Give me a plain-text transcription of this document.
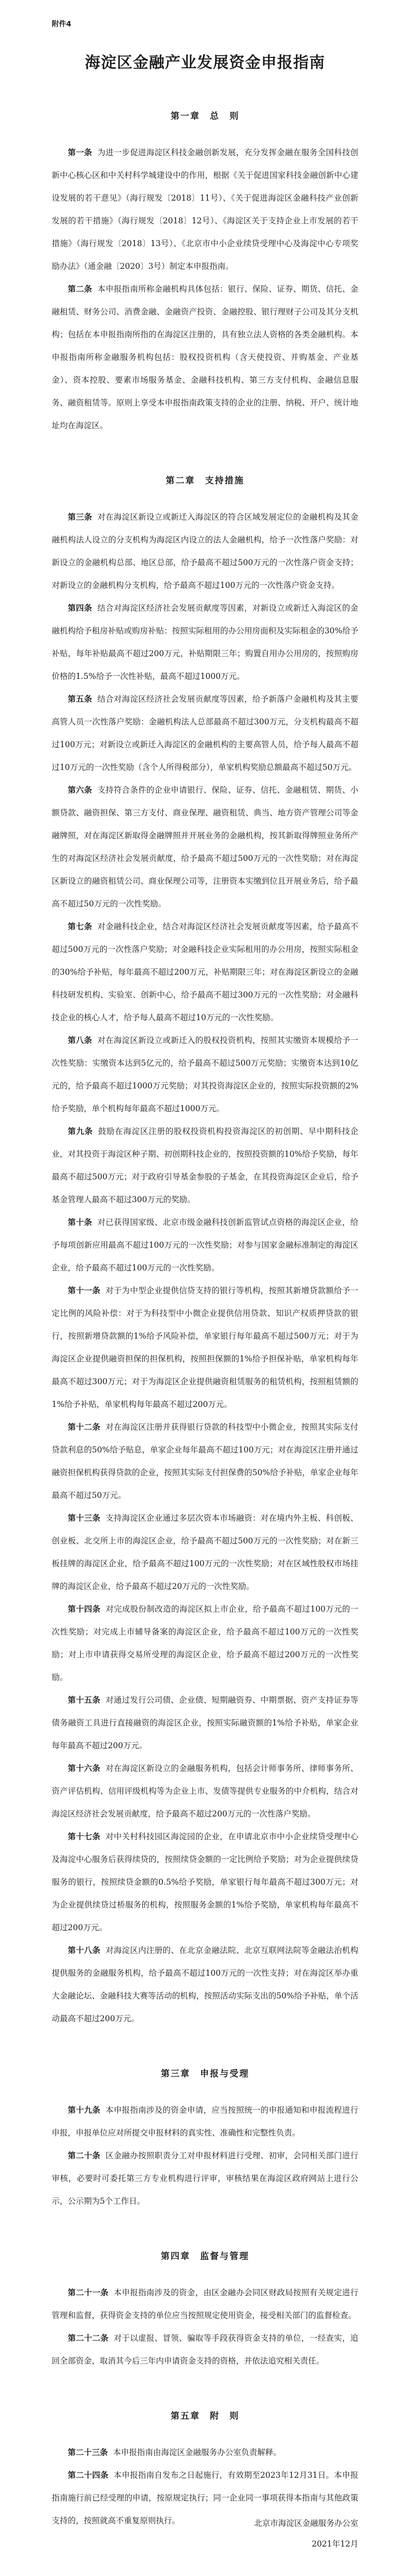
附件4
海淀区金融产业发展资金申报指南
第一章　总　则

第一条 为进一步促进海淀区科技金融创新发展，充分发挥金融在服务全国科技创新中心核心区和中关村科学城建设中的作用，根据《关于促进国家科技金融创新中心建设发展的若干意见》（海行规发〔2018〕11号）、《关于促进海淀区金融科技产业创新发展的若干措施》（海行规发〔2018〕12号）、《海淀区关于支持企业上市发展的若干措施》（海行规发〔2018〕13号）、《北京市中小企业续贷受理中心及海淀中心专项奖励办法》（通金融〔2020〕3号）制定本申报指南。

第二条 本申报指南所称金融机构具体包括：银行、保险、证券、期货、信托、金融租赁、财务公司、消费金融、金融资产投资、金融控股、银行理财子公司及其分支机构；包括在本申报指南所指的在海淀区注册的，具有独立法人资格的各类金融机构。本申报指南所称金融服务机构包括：股权投资机构（含天使投资、并购基金、产业基金）、资本控股、要素市场服务基金、金融科技机构、第三方支付机构、金融信息服务、融资租赁等。原则上享受本申报指南政策支持的企业的注册、纳税、开户、统计地址均在海淀区。

第二章　支持措施

第三条 对在海淀区新设立或新迁入海淀区的符合区域发展定位的金融机构及其金融机构法人设立的分支机构为海淀区内设立的法人金融机构，给予一次性落户奖励：对新设立的金融机构总部、地区总部，给予最高不超过500万元的一次性落户资金支持；对新设立的金融机构分支机构，给予最高不超过100万元的一次性落户资金支持。

第四条 结合对海淀区经济社会发展贡献度等因素，对新设立或新迁入海淀区的金融机构给予租房补贴或购房补贴：按照实际租用的办公用房面积及实际租金的30%给予补贴，每年补贴最高不超过200万元，补贴期限三年；购置自用办公用房的，按照购房价格的1.5%给予一次性补贴，最高不超过1000万元。

第五条 结合对海淀区经济社会发展贡献度等因素，给予新落户金融机构及其主要高管人员一次性落户奖励：金融机构法人总部最高不超过300万元，分支机构最高不超过100万元；对新设立或新迁入海淀区的金融机构的主要高管人员，给予每人最高不超过10万元的一次性奖励（含个人所得税部分），单家机构奖励总额最高不超过50万元。

第六条 支持符合条件的企业申请银行、保险、证券、信托、金融租赁、期货、小额贷款、融资担保、第三方支付、商业保理、融资租赁、典当、地方资产管理公司等金融牌照，对在海淀区新取得金融牌照并开展业务的金融机构，按其新取得牌照业务所产生的对海淀区经济社会发展贡献度，给予最高不超过500万元的一次性奖励；对在海淀区新设立的融资租赁公司、商业保理公司等，注册资本实缴到位且开展业务后，给予最高不超过50万元的一次性奖励。

第七条 对金融科技企业，结合对海淀区经济社会发展贡献度等因素，给予最高不超过500万元的一次性落户奖励；对金融科技企业实际租用的办公用房，按照实际租金的30%给予补贴，每年最高不超过200万元，补贴期限三年；对在海淀区新设立的金融科技研发机构、实验室、创新中心，给予最高不超过300万元的一次性奖励；对金融科技企业的核心人才，给予每人最高不超过10万元的一次性奖励。

第八条 对在海淀区新设立或新迁入的股权投资机构，按照其实缴资本规模给予一次性奖励：实缴资本达到5亿元的，给予最高不超过500万元奖励；实缴资本达到10亿元的，给予最高不超过1000万元奖励；对其投资海淀区企业的，按照实际投资额的2%给予奖励，单个机构每年最高不超过1000万元。

第九条 鼓励在海淀区注册的股权投资机构投资海淀区的初创期、早中期科技企业，对其投资于海淀区种子期、初创期科技企业的，按照投资额的10%给予奖励，每年最高不超过500万元；对于政府引导基金参股的子基金，在其投资海淀区企业后，给予基金管理人最高不超过300万元的奖励。

第十条 对已获得国家级、北京市级金融科技创新监管试点资格的海淀区企业，给予每项创新应用最高不超过100万元的一次性奖励；对参与国家金融标准制定的海淀区企业，给予最高不超过100万元的一次性奖励。

第十一条 对于为中型企业提供信贷支持的银行等机构，按照其新增贷款额给予一定比例的风险补偿：对于为科技型中小微企业提供信用贷款、知识产权质押贷款的银行，按照新增贷款额的1%给予风险补偿，单家银行每年最高不超过500万元；对于为海淀区企业提供融资担保的担保机构，按照担保额的1%给予担保补贴，单家机构每年最高不超过300万元；对于为海淀区企业提供融资租赁服务的租赁机构，按照租赁额的1%给予补贴，单家机构每年最高不超过200万元。

第十二条 对在海淀区注册并获得银行贷款的科技型中小微企业，按照其实际支付贷款利息的50%给予贴息，单家企业每年最高不超过100万元；对在海淀区注册并通过融资担保机构获得贷款的企业，按照其实际支付担保费的50%给予补贴，单家企业每年最高不超过50万元。

第十三条 支持海淀区企业通过多层次资本市场融资：对在境内外主板、科创板、创业板、北交所上市的海淀区企业，给予最高不超过500万元的一次性奖励；对在新三板挂牌的海淀区企业，给予最高不超过100万元的一次性奖励；对在区域性股权市场挂牌的海淀区企业，给予最高不超过20万元的一次性奖励。

第十四条 对完成股份制改造的海淀区拟上市企业，给予最高不超过100万元的一次性奖励；对完成上市辅导备案的海淀区企业，给予最高不超过100万元的一次性奖励；对上市申请获得交易所受理的海淀区企业，给予最高不超过200万元的一次性奖励。

第十五条 对通过发行公司债、企业债、短期融资券、中期票据、资产支持证券等债务融资工具进行直接融资的海淀区企业，按照实际融资额的1%给予补贴，单家企业每年最高不超过200万元。

第十六条 对在海淀区新设立的金融服务机构，包括会计师事务所、律师事务所、资产评估机构、信用评级机构等为企业上市、发债等提供专业服务的中介机构，结合对海淀区经济社会发展贡献度，给予最高不超过200万元的一次性落户奖励。

第十七条 对中关村科技园区海淀园的企业，在申请北京市中小企业续贷受理中心及海淀中心服务后获得续贷的，按照续贷金额的一定比例给予奖励；对为企业提供续贷服务的银行，按照续贷金额的0.5%给予奖励，单家银行每年最高不超过300万元；对为企业提供续贷过桥服务的机构，按照服务金额的1%给予奖励，单家机构每年最高不超过200万元。

第十八条 对海淀区内注册的、在北京金融法院、北京互联网法院等金融法治机构提供服务的金融服务机构，给予最高不超过100万元的一次性支持；对在海淀区举办重大金融论坛、金融科技大赛等活动的机构，按照活动实际支出的50%给予补贴，单个活动最高不超过200万元。

第三章　申报与受理

第十九条 本申报指南涉及的资金申请，应当按照统一的申报通知和申报流程进行申报，申报单位应对所提交申报材料的真实性、准确性和完整性负责。

第二十条 区金融办按照职责分工对申报材料进行受理、初审，会同相关部门进行审核，必要时可委托第三方专业机构进行评审，审核结果在海淀区政府网站上进行公示，公示期为5个工作日。

第四章　监督与管理

第二十一条 本申报指南涉及的资金，由区金融办会同区财政局按照有关规定进行管理和监督，获得资金支持的单位应当按照规定使用资金，接受相关部门的监督检查。

第二十二条 对于以虚报、冒领、骗取等手段获得资金支持的单位，一经查实，追回全部资金，取消其今后三年内申请资金支持的资格，并依法追究相关责任。

第五章　附　则

第二十三条 本申报指南由海淀区金融服务办公室负责解释。

第二十四条 本申报指南自发布之日起施行，有效期至2023年12月31日。本申报指南施行前已经受理的申请，按原规定执行；同一企业同一事项获得本指南与其他政策支持的，按照就高不重复原则执行。	北京市海淀区金融服务办公室

2021年12月
